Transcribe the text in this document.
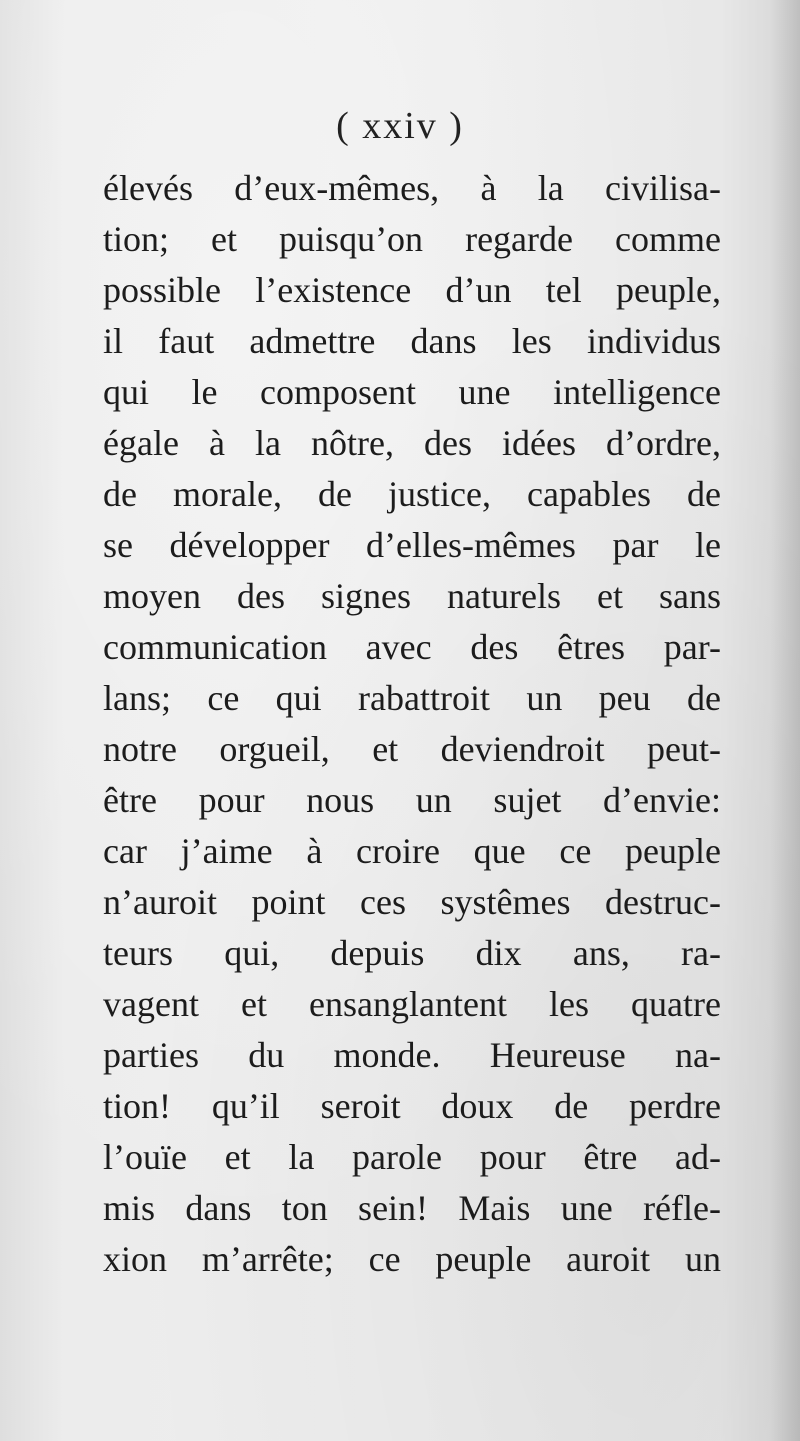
( xxiv )
élevés d’eux-mêmes, à la civilisa-
tion; et puisqu’on regarde comme
possible l’existence d’un tel peuple,
il faut admettre dans les individus
qui le composent une intelligence
égale à la nôtre, des idées d’ordre,
de morale, de justice, capables de
se développer d’elles-mêmes par le
moyen des signes naturels et sans
communication avec des êtres par-
lans; ce qui rabattroit un peu de
notre orgueil, et deviendroit peut-
être pour nous un sujet d’envie:
car j’aime à croire que ce peuple
n’auroit point ces systêmes destruc-
teurs qui, depuis dix ans, ra-
vagent et ensanglantent les quatre
parties du monde. Heureuse na-
tion! qu’il seroit doux de perdre
l’ouïe et la parole pour être ad-
mis dans ton sein! Mais une réfle-
xion m’arrête; ce peuple auroit un
